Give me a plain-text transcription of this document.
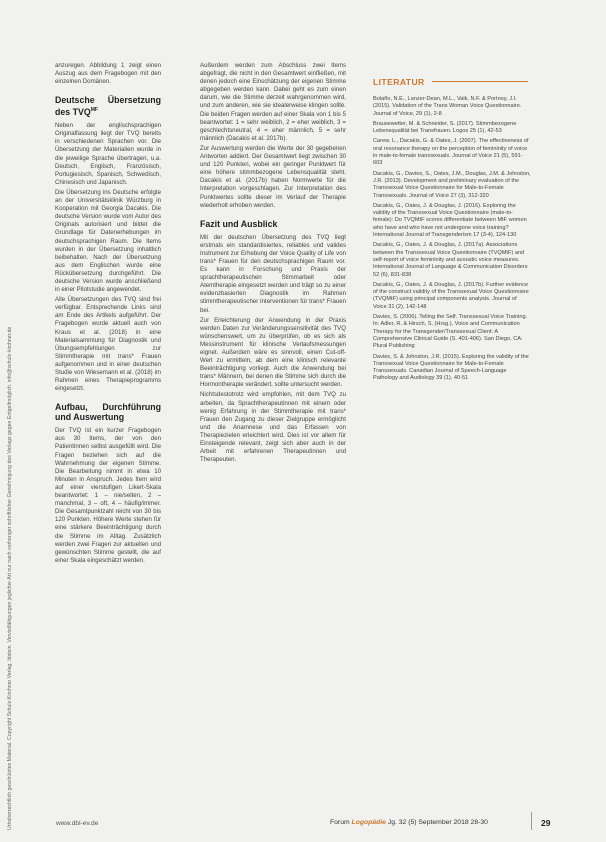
Urheberrechtlich geschütztes Material. Copyright Schulz-Kirchner Verlag, Idstein. Vervielfältigungen jeglicher Art nur nach vorheriger schriftlicher Genehmigung des Verlags gegen Entgeltmöglich. info@schulz-kirchner.de

anzuregen. Abbildung 1 zeigt einen Auszug aus dem Fragebogen mit den einzelnen Domänen.

Deutsche Übersetzung des $TVQ^{MF}$

Neben der englischsprachigen Originalfassung liegt der TVQ bereits in verschiedenen Sprachen vor. Die Übersetzung der Materialien wurde in die jeweilige Sprache übertragen, u.a. Deutsch, Englisch, Französisch, Portugiesisch, Spanisch, Schwedisch, Chinesisch und Japanisch.

Die Übersetzung ins Deutsche erfolgte an der Universitätsklinik Würzburg in Kooperation mit Georgia Dacakis. Die deutsche Version wurde vom Autor des Originals autorisiert und bildet die Grundlage für Datenerhebungen im deutschsprachigen Raum. Die Items wurden in der Übersetzung inhaltlich beibehalten. Nach der Übersetzung aus dem Englischen wurde eine Rückübersetzung durchgeführt. Die deutsche Version wurde anschließend in einer Pilotstudie angewendet.

Alle Übersetzungen des TVQ sind frei verfügbar. Entsprechende Links sind am Ende des Artikels aufgeführt. Der Fragebogen wurde aktuell auch von Kraus et al. (2018) in eine Materialsammlung für Diagnostik und Übungsempfehlungen zur Stimmtherapie mit trans* Frauen aufgenommen und in einer deutschen Studie von Wiesemann et al. (2018) im Rahmen eines Therapieprogramms eingesetzt.

Aufbau, Durchführung und Auswertung

Der TVQ ist ein kurzer Fragebogen aus 30 Items, der von den Patientinnen selbst ausgefüllt wird. Die Fragen beziehen sich auf die Wahrnehmung der eigenen Stimme. Die Bearbeitung nimmt in etwa 10 Minuten in Anspruch. Jedes Item wird auf einer vierstufigen Likert-Skala beantwortet: 1 – nie/selten, 2 – manchmal, 3 – oft, 4 – häufig/immer. Die Gesamtpunktzahl reicht von 30 bis 120 Punkten. Höhere Werte stehen für eine stärkere Beeinträchtigung durch die Stimme im Alltag. Zusätzlich werden zwei Fragen zur aktuellen und gewünschten Stimme gestellt, die auf einer Skala eingeschätzt werden.

Außerdem werden zum Abschluss zwei Items abgefragt, die nicht in den Gesamtwert einfließen, mit denen jedoch eine Einschätzung der eigenen Stimme abgegeben werden kann. Dabei geht es zum einen darum, wie die Stimme derzeit wahrgenommen wird, und zum anderen, wie sie idealerweise klingen sollte. Die beiden Fragen werden auf einer Skala von 1 bis 5 beantwortet: 1 = sehr weiblich, 2 = eher weiblich, 3 = geschlechtsneutral, 4 = eher männlich, 5 = sehr männlich (Dacakis et al. 2017b).

Zur Auswertung werden die Werte der 30 gegebenen Antworten addiert. Der Gesamtwert liegt zwischen 30 und 120 Punkten, wobei ein geringer Punktwert für eine höhere stimmbezogene Lebensqualität steht. Dacakis et al. (2017b) haben Normwerte für die Interpretation vorgeschlagen. Zur Interpretation des Punktwertes sollte dieser im Verlauf der Therapie wiederholt erhoben werden.

Fazit und Ausblick

Mit der deutschen Übersetzung des TVQ liegt erstmals ein standardisiertes, reliables und valides Instrument zur Erhebung der Voice Quality of Life von trans* Frauen für den deutschsprachigen Raum vor. Es kann in Forschung und Praxis der sprachtherapeutischen Stimmarbeit oder Atemtherapie eingesetzt werden und trägt so zu einer evidenzbasierten Diagnostik im Rahmen stimmtherapeutischer Interventionen für trans* Frauen bei.

Zur Erleichterung der Anwendung in der Praxis werden Daten zur Veränderungssensitivität des TVQ wünschenswert, um zu überprüfen, ob es sich als Messinstrument für klinische Verlaufsmessungen eignet. Außerdem wäre es sinnvoll, einen Cut-off-Wert zu ermitteln, ab dem eine klinisch relevante Beeinträchtigung vorliegt. Auch die Anwendung bei trans* Männern, bei denen die Stimme sich durch die Hormontherapie verändert, sollte untersucht werden.

Nichtsdestotrotz wird empfohlen, mit dem TVQ zu arbeiten, da Sprachtherapeutinnen mit einem oder wenig Erfahrung in der Stimmtherapie mit trans* Frauen den Zugang zu dieser Zielgruppe ermöglicht und die Anamnese und das Erfassen von Therapiezielen erleichtert wird. Dies ist vor allem für Einsteigende relevant, zeigt sich aber auch in der Arbeit mit erfahrenen Therapeutinnen und Therapeuten.

LITERATUR

Bolaño, N.E., Lanzer-Dean, M.L., Valk, N.F. & Portnoy, J.I. (2015). Validation of the Trans Woman Voice Questionnaire. Journal of Voice, 29 (1), 2-8

Brausewetter, M. & Schneider, S. (2017). Stimmbezogene Lebensqualität bei Transfrauen. Logos 25 (1), 42-53

Carew, L., Dacakis, G. & Oates, J. (2007). The effectiveness of oral resonance therapy on the perception of femininity of voice in male-to-female transsexuals. Journal of Voice 21 (5), 591-603

Dacakis, G., Davies, S., Oates, J.M., Douglas, J.M. & Johnston, J.R. (2013). Development and preliminary evaluation of the Transsexual Voice Questionnaire for Male-to-Female Transsexuals. Journal of Voice 27 (3), 312-320

Dacakis, G., Oates, J. & Douglas, J. (2016). Exploring the validity of the Transsexual Voice Questionnaire (male-to-female): Do TVQMtF scores differentiate between MtF women who have and who have not undergone voice training? International Journal of Transgenderism 17 (3-4), 124-130

Dacakis, G., Oates, J. & Douglas, J. (2017a). Associations between the Transsexual Voice Questionnaire (TVQMtF) and self-report of voice femininity and acoustic voice measures. International Journal of Language & Communication Disorders 52 (6), 831-838

Dacakis, G., Oates, J. & Douglas, J. (2017b). Further evidence of the construct validity of the Transsexual Voice Questionnaire (TVQMtF) using principal components analysis. Journal of Voice 31 (2), 142-148

Davies, S. (2006). Telling the Self. Transsexual Voice Training. In: Adler, R. & Hirsch, S. (Hrsg.), Voice and Communication Therapy for the Transgender/Transsexual Client: A Comprehensive Clinical Guide (S. 401-406). San Diego, CA: Plural Publishing

Davies, S. & Johnston, J.R. (2015). Exploring the validity of the Transsexual Voice Questionnaire for Male-to-Female Transsexuals. Canadian Journal of Speech-Language Pathology and Audiology 39 (1), 40-51

www.dbl-ev.de	Forum Logopädie Jg. 32 (5) September 2018 28-30	29
